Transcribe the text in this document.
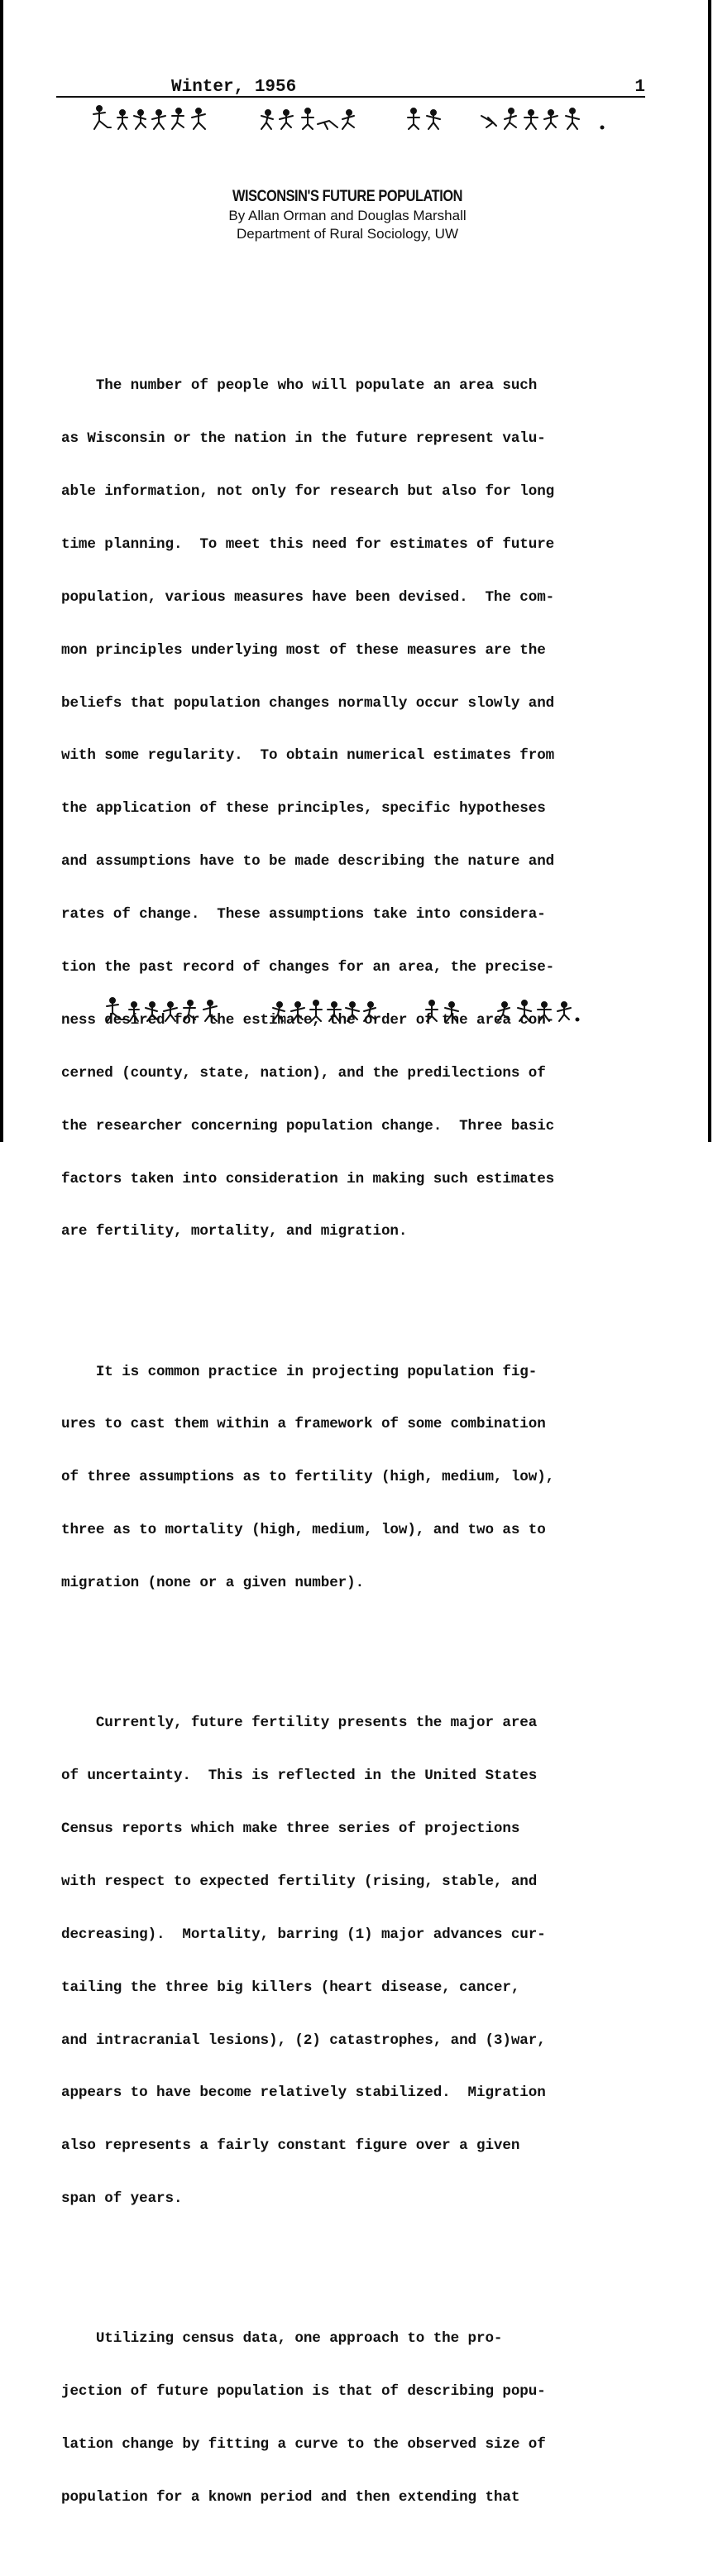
Winter, 1956	1
WISCONSIN'S FUTURE POPULATION
By Allan Orman and Douglas Marshall
Department of Rural Sociology, UW

The number of people who will populate an area such

as Wisconsin or the nation in the future represent valu-

able information, not only for research but also for long

time planning.  To meet this need for estimates of future

population, various measures have been devised.  The com-

mon principles underlying most of these measures are the

beliefs that population changes normally occur slowly and

with some regularity.  To obtain numerical estimates from

the application of these principles, specific hypotheses

and assumptions have to be made describing the nature and

rates of change.  These assumptions take into considera-

tion the past record of changes for an area, the precise-

ness desired for the estimate, the order of the area con-

cerned (county, state, nation), and the predilections of

the researcher concerning population change.  Three basic

factors taken into consideration in making such estimates

are fertility, mortality, and migration.

It is common practice in projecting population fig-

ures to cast them within a framework of some combination

of three assumptions as to fertility (high, medium, low),

three as to mortality (high, medium, low), and two as to

migration (none or a given number).

Currently, future fertility presents the major area

of uncertainty.  This is reflected in the United States

Census reports which make three series of projections

with respect to expected fertility (rising, stable, and

decreasing).  Mortality, barring (1) major advances cur-

tailing the three big killers (heart disease, cancer,

and intracranial lesions), (2) catastrophes, and (3)war,

appears to have become relatively stabilized.  Migration

also represents a fairly constant figure over a given

span of years.

Utilizing census data, one approach to the pro-

jection of future population is that of describing popu-

lation change by fitting a curve to the observed size of

population for a known period and then extending that
